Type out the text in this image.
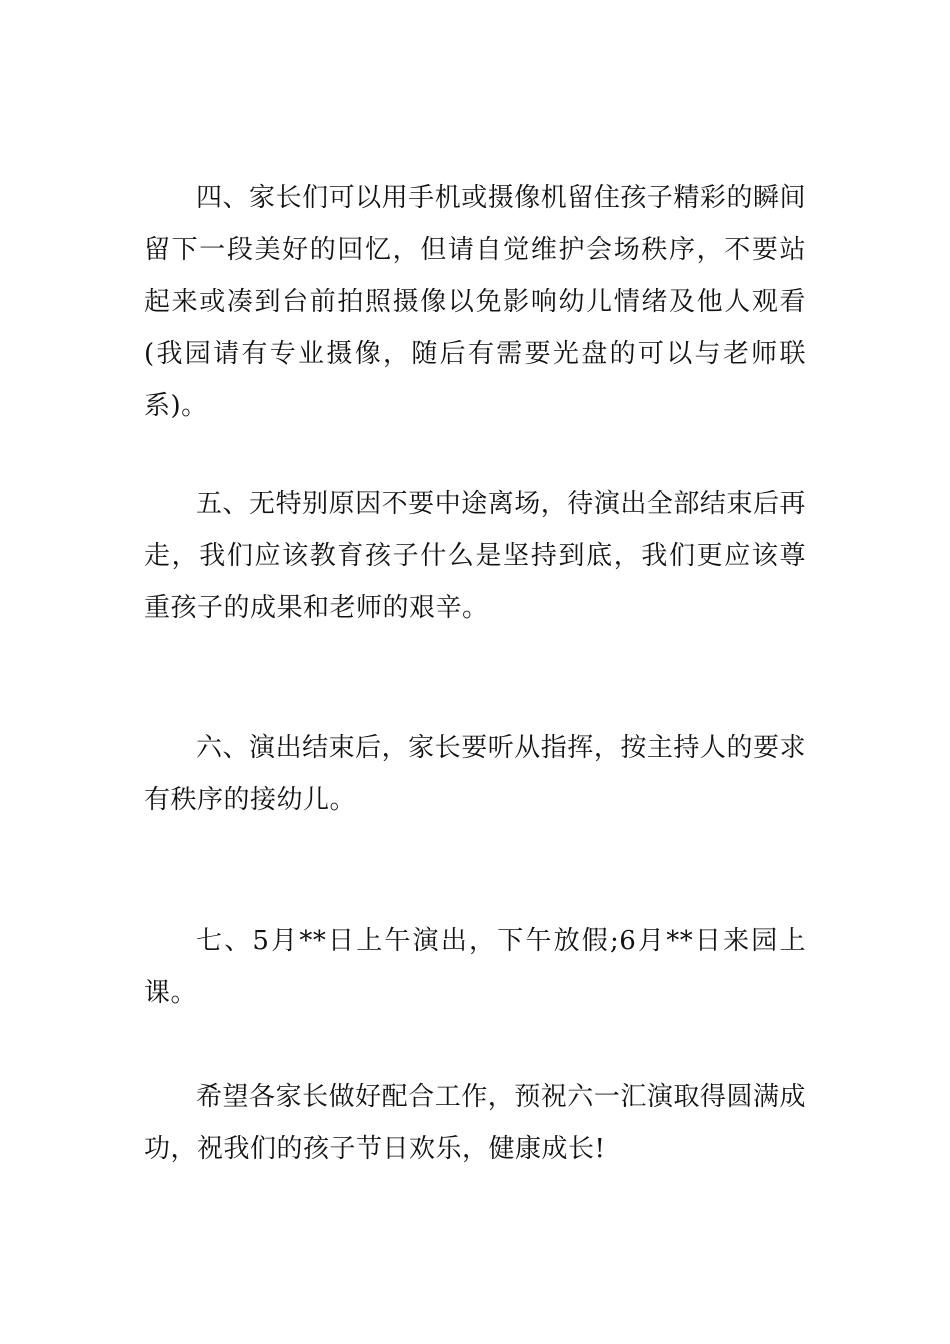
四、家长们可以用手机或摄像机留住孩子精彩的瞬间留下一段美好的回忆，但请自觉维护会场秩序，不要站起来或凑到台前拍照摄像以免影响幼儿情绪及他人观看(我园请有专业摄像，随后有需要光盘的可以与老师联系)。

五、无特别原因不要中途离场，待演出全部结束后再走，我们应该教育孩子什么是坚持到底，我们更应该尊重孩子的成果和老师的艰辛。

六、演出结束后，家长要听从指挥，按主持人的要求有秩序的接幼儿。

七、5月**日上午演出，下午放假;6月**日来园上课。

希望各家长做好配合工作，预祝六一汇演取得圆满成功，祝我们的孩子节日欢乐，健康成长!
